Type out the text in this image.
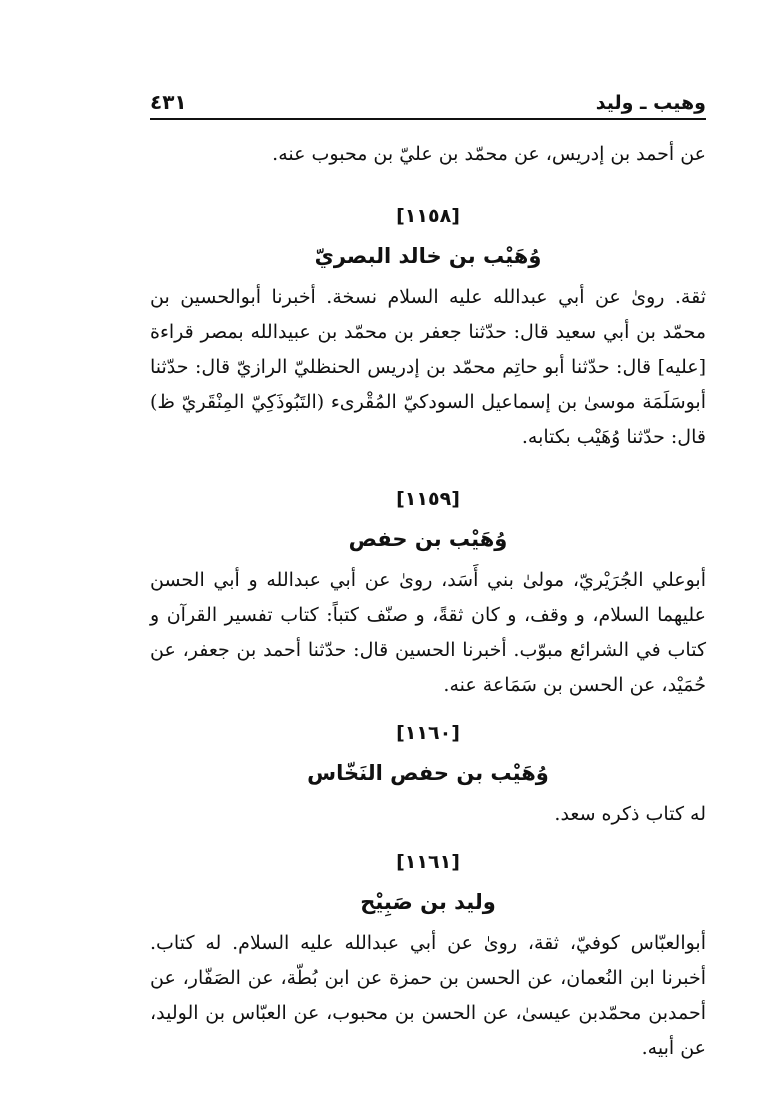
وهيب ـ وليد
٤٣١

عن أحمد بن إدريس، عن محمّد بن عليّ بن محبوب عنه.

[١١٥٨]
وُهَيْب بن خالد البصريّ

ثقة. روىٰ عن أبي عبدالله عليه السلام نسخة. أخبرنا أبوالحسين بن محمّد بن أبي سعيد قال: حدّثنا جعفر بن محمّد بن عبيدالله بمصر قراءة [عليه] قال: حدّثنا أبو حاتِم محمّد بن إدريس الحنظليّ الرازيّ قال: حدّثنا أبوسَلَمَة موسىٰ بن إسماعيل السودكيّ المُقْرىء (التَبُوذَكِيّ المِنْقَريّ ظ) قال: حدّثنا وُهَيْب بكتابه.

[١١٥٩]
وُهَيْب بن حفص

أبوعلي الجُرَيْريّ، مولىٰ بني أَسَد، روىٰ عن أبي عبدالله و أبي الحسن عليهما السلام، و وقف، و كان ثقةً، و صنّف كتباً: كتاب تفسير القرآن و كتاب في الشرائع مبوّب. أخبرنا الحسين قال: حدّثنا أحمد بن جعفر، عن حُمَيْد، عن الحسن بن سَمَاعة عنه.

[١١٦٠]
وُهَيْب بن حفص النَخّاس

له كتاب ذكره سعد.

[١١٦١]
وليد بن صَبِيْح

أبوالعبّاس كوفيّ، ثقة، روىٰ عن أبي عبدالله عليه السلام. له كتاب. أخبرنا ابن النُعمان، عن الحسن بن حمزة عن ابن بُطّة، عن الصَفّار، عن أحمدبن محمّدبن عيسىٰ، عن الحسن بن محبوب، عن العبّاس بن الوليد، عن أبيه.
